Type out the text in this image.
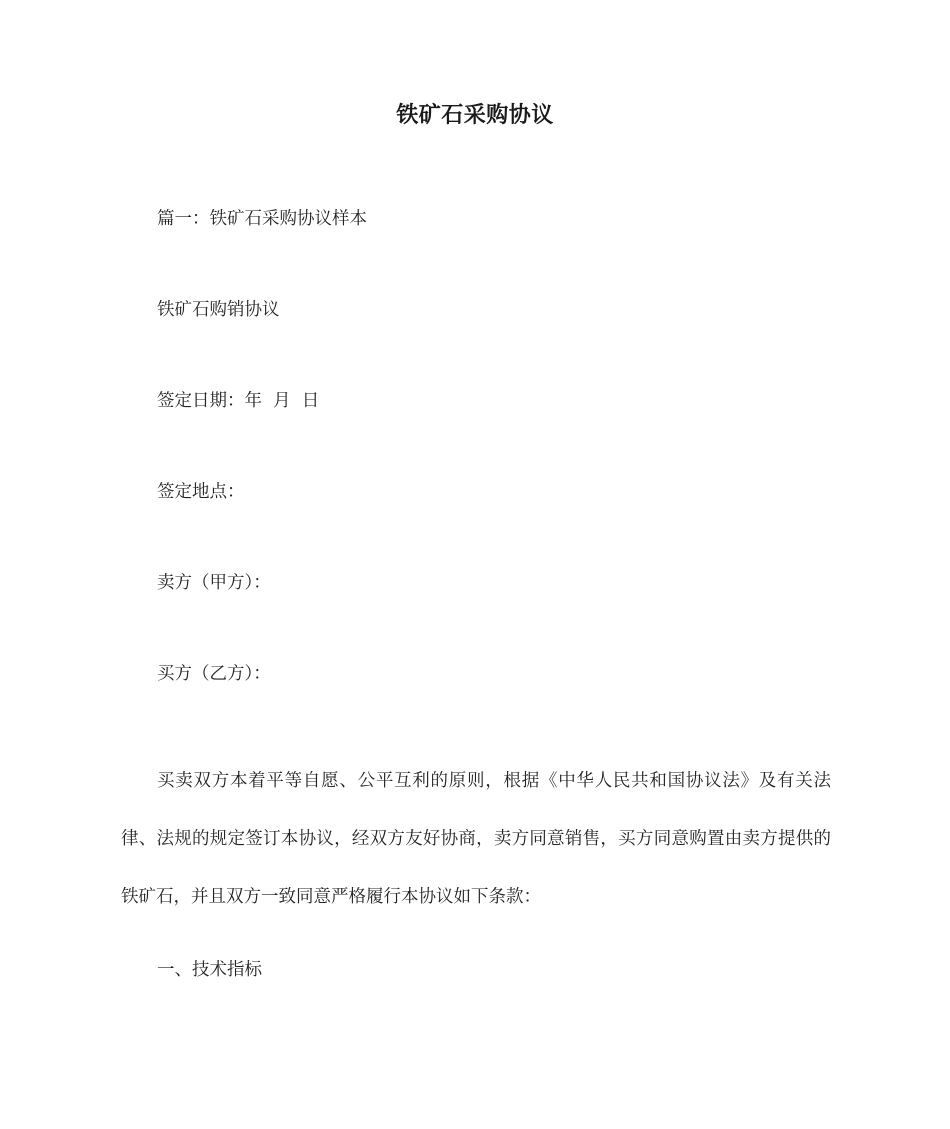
铁矿石采购协议
篇一：铁矿石采购协议样本
铁矿石购销协议
签定日期：年  月  日
签定地点：
卖方（甲方）：
买方（乙方）：
买卖双方本着平等自愿、公平互利的原则，根据《中华人民共和国协议法》及有关法律、法规的规定签订本协议，经双方友好协商，卖方同意销售，买方同意购置由卖方提供的铁矿石，并且双方一致同意严格履行本协议如下条款：
一、技术指标
